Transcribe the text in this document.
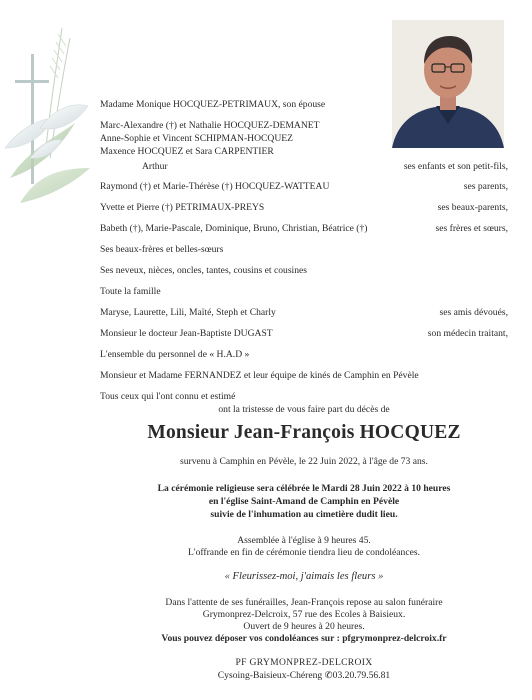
Madame Monique HOCQUEZ-PETRIMAUX, son épouse
Marc-Alexandre (†) et Nathalie HOCQUEZ-DEMANET
Anne-Sophie et Vincent SCHIPMAN-HOCQUEZ
Maxence HOCQUEZ et Sara CARPENTIER
Arthur	ses enfants et son petit-fils,
Raymond (†) et Marie-Thérèse (†) HOCQUEZ-WATTEAU	ses parents,
Yvette et Pierre (†) PETRIMAUX-PREYS	ses beaux-parents,
Babeth (†), Marie-Pascale, Dominique, Bruno, Christian, Béatrice (†)	ses frères et sœurs,
Ses beaux-frères et belles-sœurs
Ses neveux, nièces, oncles, tantes, cousins et cousines
Toute la famille
Maryse, Laurette, Lili, Maïté, Steph et Charly	ses amis dévoués,
Monsieur le docteur Jean-Baptiste DUGAST	son médecin traitant,
L'ensemble du personnel de « H.A.D »
Monsieur et Madame FERNANDEZ et leur équipe de kinés de Camphin en Pévèle
Tous ceux qui l'ont connu et estimé
ont la tristesse de vous faire part du décès de
Monsieur Jean-François HOCQUEZ
survenu à Camphin en Pévèle, le 22 Juin 2022, à l'âge de 73 ans.
La cérémonie religieuse sera célébrée le Mardi 28 Juin 2022 à 10 heures
en l'église Saint-Amand de Camphin en Pévèle
suivie de l'inhumation au cimetière dudit lieu.
Assemblée à l'église à 9 heures 45.
L'offrande en fin de cérémonie tiendra lieu de condoléances.
« Fleurissez-moi, j'aimais les fleurs »
Dans l'attente de ses funérailles, Jean-François repose au salon funéraire
Grymonprez-Delcroix, 57 rue des Ecoles à Baisieux.
Ouvert de 9 heures à 20 heures.
Vous pouvez déposer vos condoléances sur : pfgrymonprez-delcroix.fr
PF GRYMONPREZ-DELCROIX
Cysoing-Baisieux-Chéreng ✆03.20.79.56.81
